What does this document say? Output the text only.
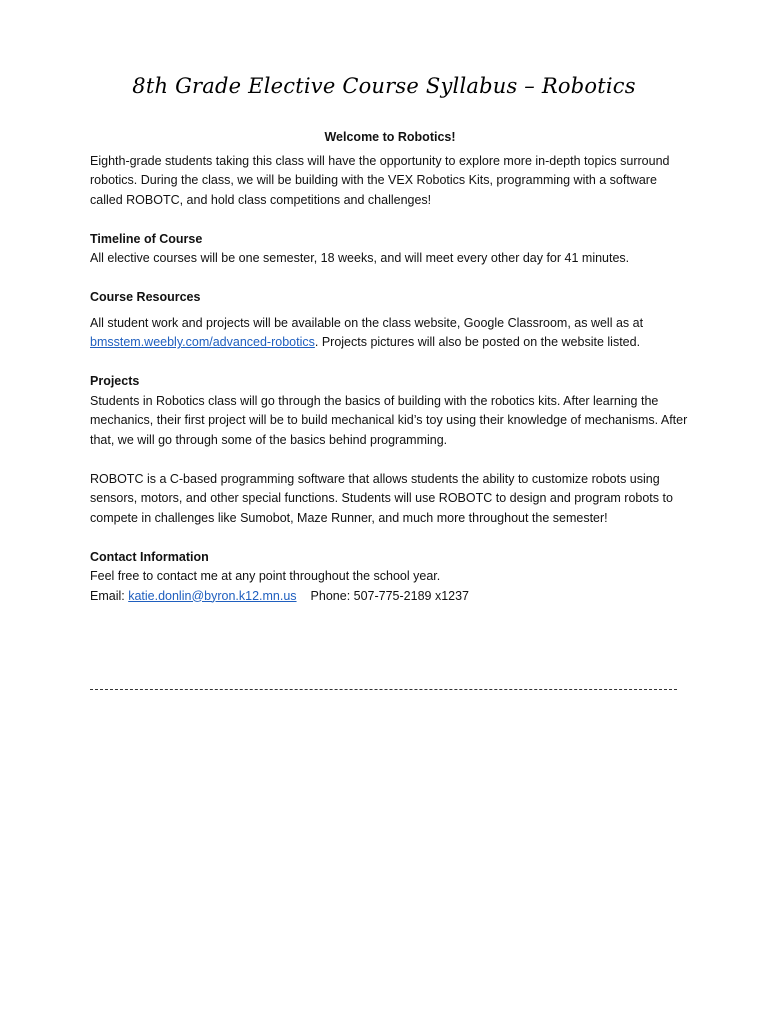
8th Grade Elective Course Syllabus – Robotics

Welcome to Robotics!

Eighth-grade students taking this class will have the opportunity to explore more in-depth topics surround robotics. During the class, we will be building with the VEX Robotics Kits, programming with a software called ROBOTC, and hold class competitions and challenges!

Timeline of Course

All elective courses will be one semester, 18 weeks, and will meet every other day for 41 minutes.

Course Resources

All student work and projects will be available on the class website, Google Classroom, as well as at bmsstem.weebly.com/advanced-robotics. Projects pictures will also be posted on the website listed.

Projects

Students in Robotics class will go through the basics of building with the robotics kits. After learning the mechanics, their first project will be to build mechanical kid’s toy using their knowledge of mechanisms. After that, we will go through some of the basics behind programming.

ROBOTC is a C-based programming software that allows students the ability to customize robots using sensors, motors, and other special functions. Students will use ROBOTC to design and program robots to compete in challenges like Sumobot, Maze Runner, and much more throughout the semester!

Contact Information

Feel free to contact me at any point throughout the school year.

Email: katie.donlin@byron.k12.mn.us Phone: 507-775-2189 x1237
